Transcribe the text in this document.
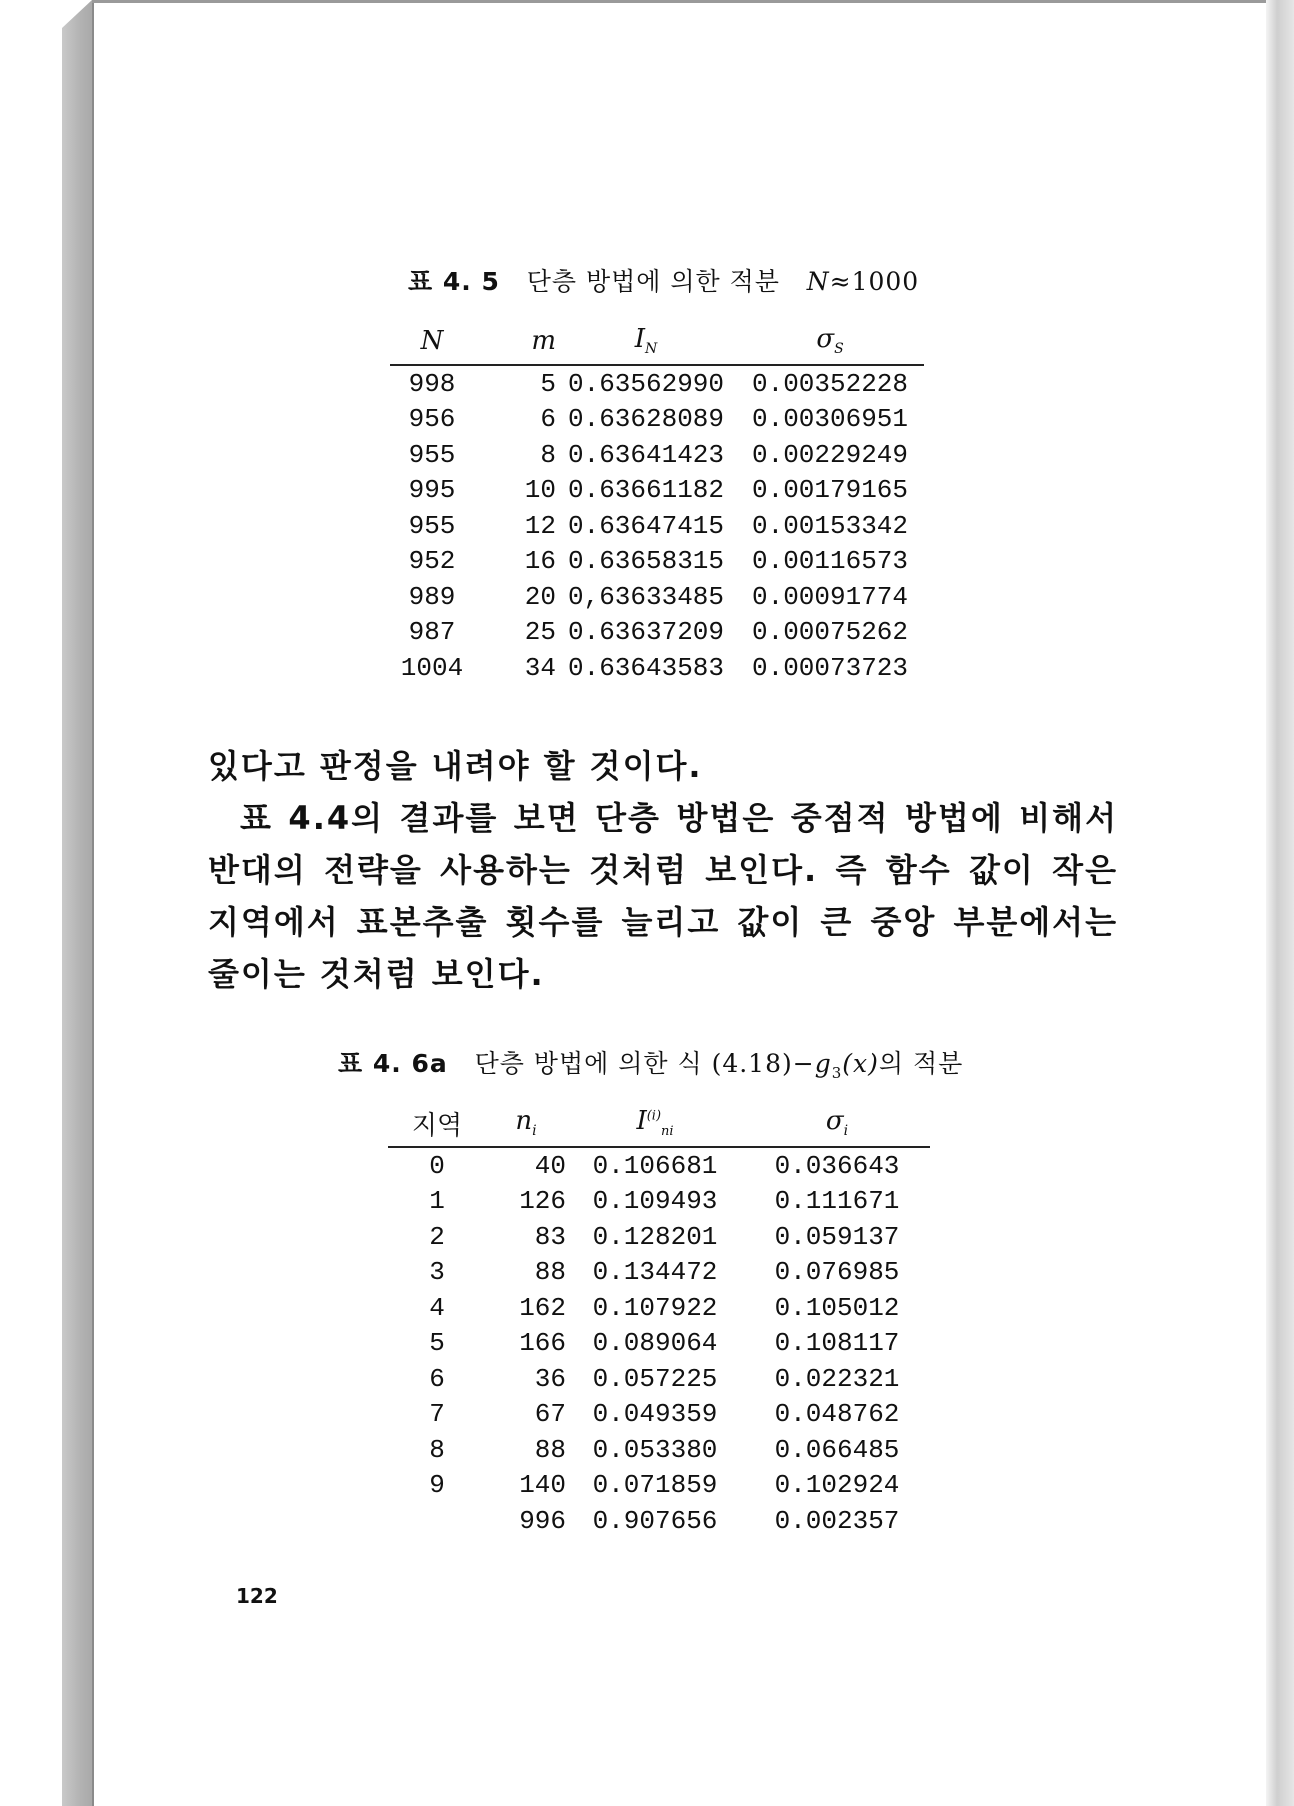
표 4. 5 단층 방법에 의한 적분 N≈1000
N	m	$I_N$	$\sigma_S$
998	5	0.63562990	0.00352228
956	6	0.63628089	0.00306951
955	8	0.63641423	0.00229249
995	10	0.63661182	0.00179165
955	12	0.63647415	0.00153342
952	16	0.63658315	0.00116573
989	20	0,63633485	0.00091774
987	25	0.63637209	0.00075262
1004	34	0.63643583	0.00073723
있다고 판정을 내려야 할 것이다.
표 4.4의 결과를 보면 단층 방법은 중점적 방법에 비해서 반대의 전략을 사용하는 것처럼 보인다. 즉 함수 값이 작은 지역에서 표본추출 횟수를 늘리고 값이 큰 중앙 부분에서는 줄이는 것처럼 보인다.
표 4. 6a 단층 방법에 의한 식 $(4.18)-g_3(x)$의 적분
지역	$n_i$	$I^{(i)}_{ni}$	$\sigma_i$
0	40	0.106681	0.036643
1	126	0.109493	0.111671
2	83	0.128201	0.059137
3	88	0.134472	0.076985
4	162	0.107922	0.105012
5	166	0.089064	0.108117
6	36	0.057225	0.022321
7	67	0.049359	0.048762
8	88	0.053380	0.066485
9	140	0.071859	0.102924
	996	0.907656	0.002357
122
